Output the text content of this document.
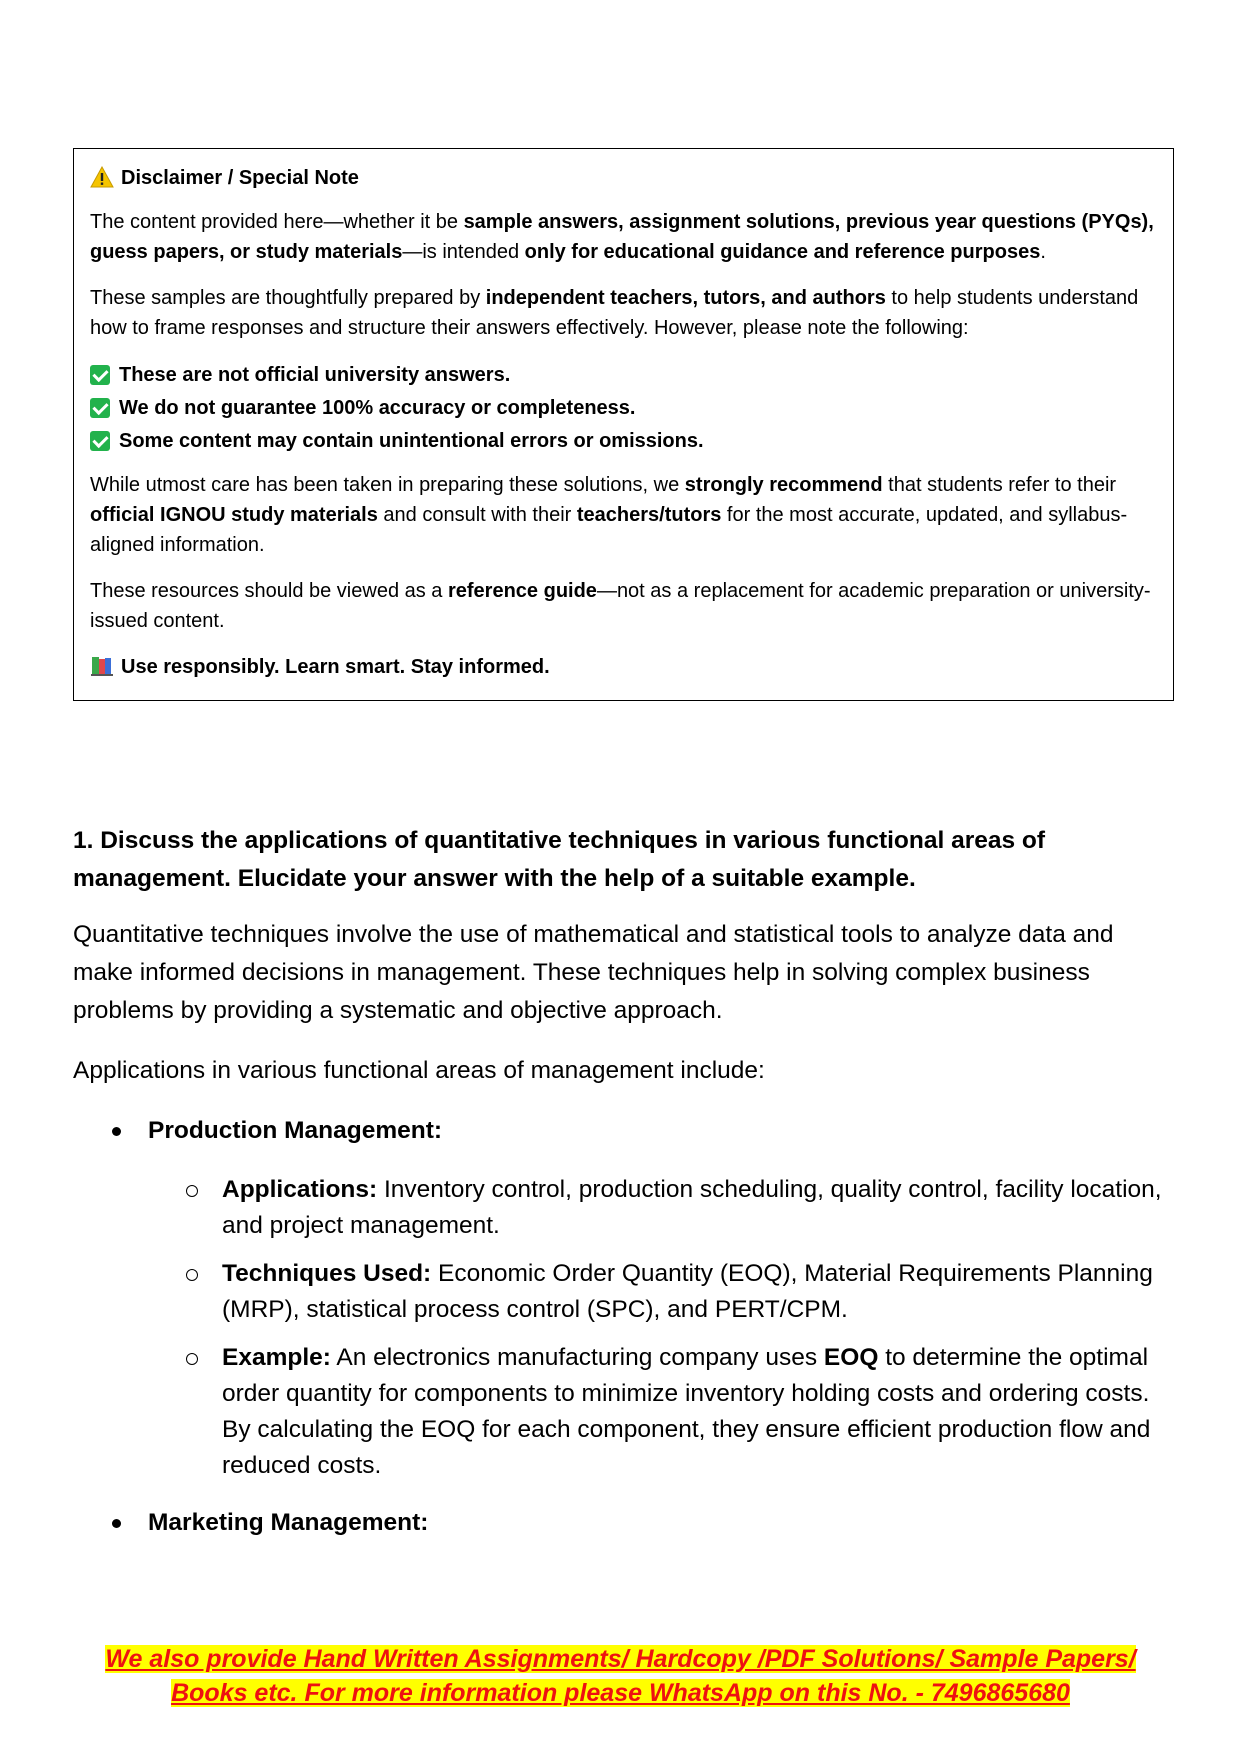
Disclaimer / Special Note

The content provided here—whether it be sample answers, assignment solutions, previous year questions (PYQs), guess papers, or study materials—is intended only for educational guidance and reference purposes.

These samples are thoughtfully prepared by independent teachers, tutors, and authors to help students understand how to frame responses and structure their answers effectively. However, please note the following:

These are not official university answers.
We do not guarantee 100% accuracy or completeness.
Some content may contain unintentional errors or omissions.

While utmost care has been taken in preparing these solutions, we strongly recommend that students refer to their official IGNOU study materials and consult with their teachers/tutors for the most accurate, updated, and syllabus-aligned information.

These resources should be viewed as a reference guide—not as a replacement for academic preparation or university-issued content.

Use responsibly. Learn smart. Stay informed.

1. Discuss the applications of quantitative techniques in various functional areas of management. Elucidate your answer with the help of a suitable example.
Quantitative techniques involve the use of mathematical and statistical tools to analyze data and make informed decisions in management. These techniques help in solving complex business problems by providing a systematic and objective approach.
Applications in various functional areas of management include:
Production Management:
Applications: Inventory control, production scheduling, quality control, facility location, and project management.
Techniques Used: Economic Order Quantity (EOQ), Material Requirements Planning (MRP), statistical process control (SPC), and PERT/CPM.
Example: An electronics manufacturing company uses EOQ to determine the optimal order quantity for components to minimize inventory holding costs and ordering costs. By calculating the EOQ for each component, they ensure efficient production flow and reduced costs.
Marketing Management:
We also provide Hand Written Assignments/ Hardcopy /PDF Solutions/ Sample Papers/
Books etc. For more information please WhatsApp on this No. - 7496865680
